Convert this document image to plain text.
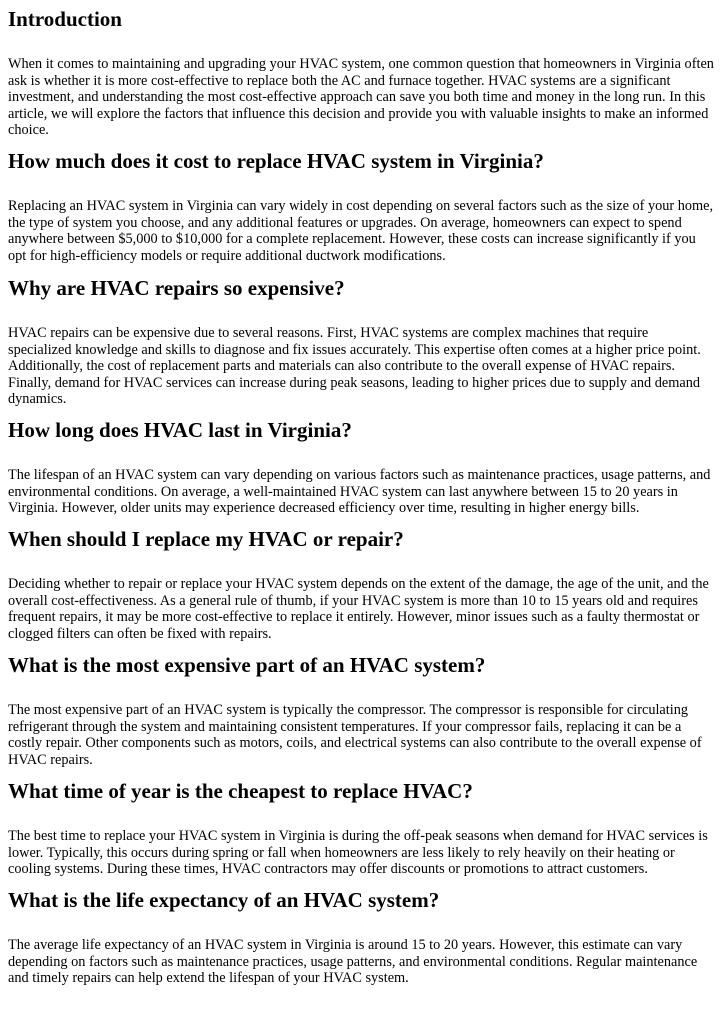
Introduction

When it comes to maintaining and upgrading your HVAC system, one common question that homeowners in Virginia often ask is whether it is more cost-effective to replace both the AC and furnace together. HVAC systems are a significant investment, and understanding the most cost-effective approach can save you both time and money in the long run. In this article, we will explore the factors that influence this decision and provide you with valuable insights to make an informed choice.

How much does it cost to replace HVAC system in Virginia?

Replacing an HVAC system in Virginia can vary widely in cost depending on several factors such as the size of your home, the type of system you choose, and any additional features or upgrades. On average, homeowners can expect to spend anywhere between $5,000 to $10,000 for a complete replacement. However, these costs can increase significantly if you opt for high-efficiency models or require additional ductwork modifications.

Why are HVAC repairs so expensive?

HVAC repairs can be expensive due to several reasons. First, HVAC systems are complex machines that require specialized knowledge and skills to diagnose and fix issues accurately. This expertise often comes at a higher price point. Additionally, the cost of replacement parts and materials can also contribute to the overall expense of HVAC repairs. Finally, demand for HVAC services can increase during peak seasons, leading to higher prices due to supply and demand dynamics.

How long does HVAC last in Virginia?

The lifespan of an HVAC system can vary depending on various factors such as maintenance practices, usage patterns, and environmental conditions. On average, a well-maintained HVAC system can last anywhere between 15 to 20 years in Virginia. However, older units may experience decreased efficiency over time, resulting in higher energy bills.

When should I replace my HVAC or repair?

Deciding whether to repair or replace your HVAC system depends on the extent of the damage, the age of the unit, and the overall cost-effectiveness. As a general rule of thumb, if your HVAC system is more than 10 to 15 years old and requires frequent repairs, it may be more cost-effective to replace it entirely. However, minor issues such as a faulty thermostat or clogged filters can often be fixed with repairs.

What is the most expensive part of an HVAC system?

The most expensive part of an HVAC system is typically the compressor. The compressor is responsible for circulating refrigerant through the system and maintaining consistent temperatures. If your compressor fails, replacing it can be a costly repair. Other components such as motors, coils, and electrical systems can also contribute to the overall expense of HVAC repairs.

What time of year is the cheapest to replace HVAC?

The best time to replace your HVAC system in Virginia is during the off-peak seasons when demand for HVAC services is lower. Typically, this occurs during spring or fall when homeowners are less likely to rely heavily on their heating or cooling systems. During these times, HVAC contractors may offer discounts or promotions to attract customers.

What is the life expectancy of an HVAC system?

The average life expectancy of an HVAC system in Virginia is around 15 to 20 years. However, this estimate can vary depending on factors such as maintenance practices, usage patterns, and environmental conditions. Regular maintenance and timely repairs can help extend the lifespan of your HVAC system.
